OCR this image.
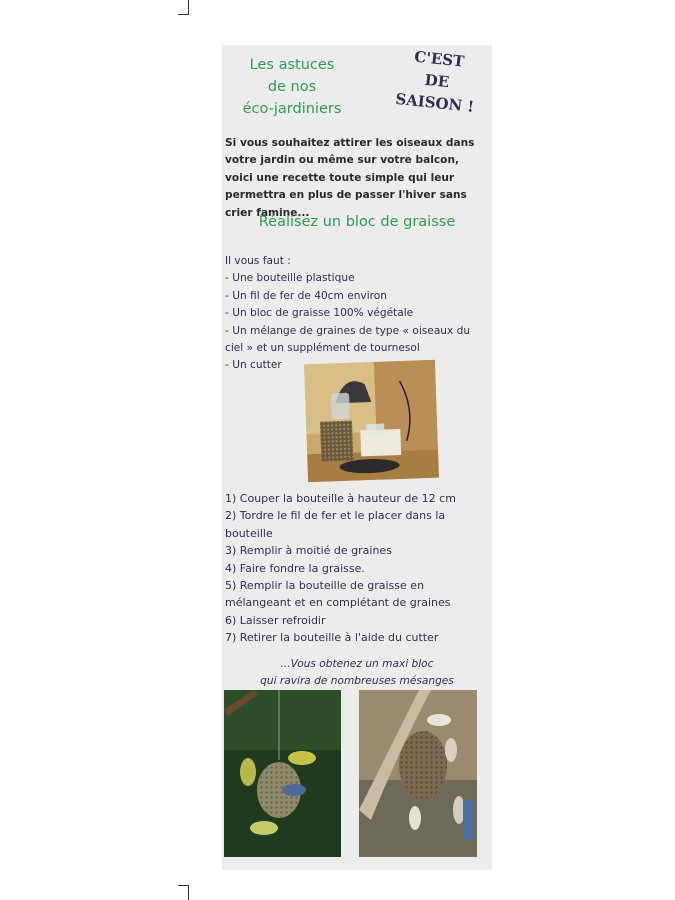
Les astuces
de nos
éco-jardiniers
C'EST
DE
SAISON !
Si vous souhaitez attirer les oiseaux dans votre jardin ou même sur votre balcon, voici une recette toute simple qui leur permettra en plus de passer l'hiver sans crier famine...
Réalisez un bloc de graisse
Il vous faut :
- Une bouteille plastique
- Un fil de fer de 40cm environ
- Un bloc de graisse 100% végétale
- Un mélange de graines de type « oiseaux du ciel » et un supplément de tournesol
- Un cutter
1) Couper la bouteille à hauteur de 12 cm
2) Tordre le fil de fer et le placer dans la bouteille
3) Remplir à moitié de graines
4) Faire fondre la graisse.
5) Remplir la bouteille de graisse en mélangeant et en complétant de graines
6) Laisser refroidir
7) Retirer la bouteille à l'aide du cutter
...Vous obtenez un maxi bloc
qui ravira de nombreuses mésanges
